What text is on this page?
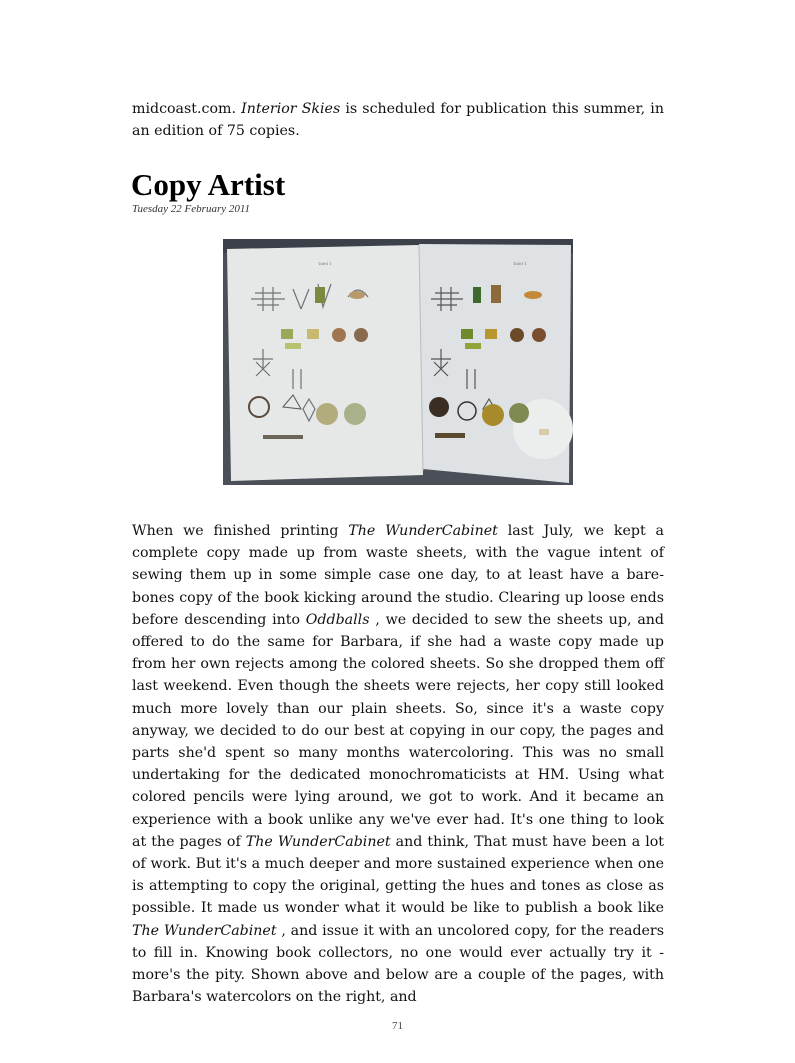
midcoast.com. Interior Skies is scheduled for publication this summer, in an edition of 75 copies.

Copy Artist
Tuesday 22 February 2011
Tafel 1	Tafel 1

When we finished printing The WunderCabinet last July, we kept a complete copy made up from waste sheets, with the vague intent of sewing them up in some simple case one day, to at least have a bare-bones copy of the book kicking around the studio. Clearing up loose ends before descending into Oddballs , we decided to sew the sheets up, and offered to do the same for Barbara, if she had a waste copy made up from her own rejects among the colored sheets. So she dropped them off last weekend. Even though the sheets were rejects, her copy still looked much more lovely than our plain sheets. So, since it's a waste copy anyway, we decided to do our best at copying in our copy, the pages and parts she'd spent so many months watercoloring. This was no small undertaking for the dedicated monochromaticists at HM. Using what colored pencils were lying around, we got to work. And it became an experience with a book unlike any we've ever had. It's one thing to look at the pages of The WunderCabinet and think, That must have been a lot of work. But it's a much deeper and more sustained experience when one is attempting to copy the original, getting the hues and tones as close as possible. It made us wonder what it would be like to publish a book like The WunderCabinet , and issue it with an uncolored copy, for the readers to fill in. Knowing book collectors, no one would ever actually try it - more's the pity. Shown above and below are a couple of the pages, with Barbara's watercolors on the right, and

71
